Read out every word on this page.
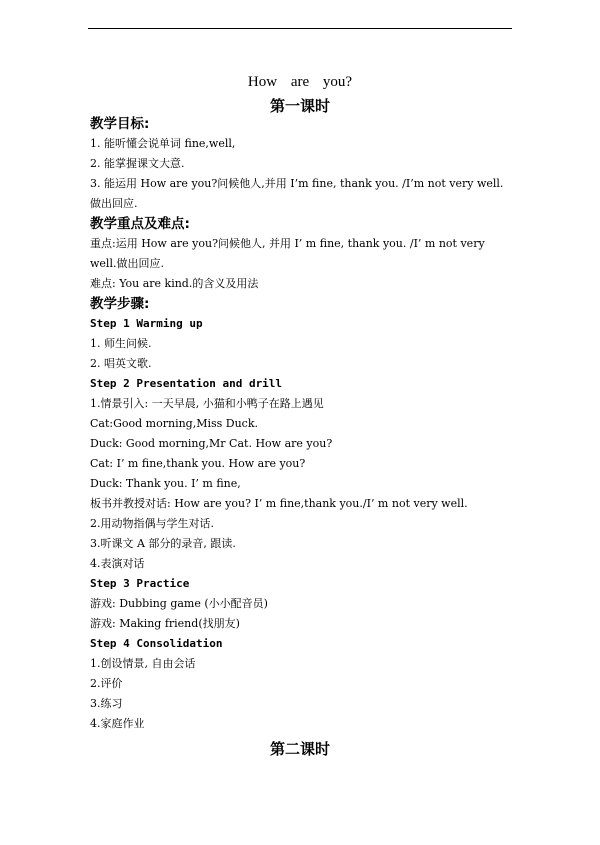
How are you?
第一课时
教学目标:
1. 能听懂会说单词 fine,well,
2. 能掌握课文大意.
3. 能运用 How are you?问候他人,并用 I’m fine, thank you. /I’m not very well.
做出回应.
教学重点及难点:
重点:运用 How are you?问候他人, 并用 I’ m fine, thank you. /I’ m not very
well.做出回应.
难点: You are kind.的含义及用法
教学步骤:
Step 1 Warming up
1. 师生问候.
2. 唱英文歌.
Step 2 Presentation and drill
1.情景引入: 一天早晨, 小猫和小鸭子在路上遇见
Cat:Good morning,Miss Duck.
Duck: Good morning,Mr Cat. How are you?
Cat: I’ m fine,thank you. How are you?
Duck: Thank you. I’ m fine,
板书并教授对话: How are you? I’ m fine,thank you./I’ m not very well.
2.用动物指偶与学生对话.
3.听课文 A 部分的录音, 跟读.
4.表演对话
Step 3 Practice
游戏: Dubbing game (小小配音员)
游戏: Making friend(找朋友)
Step 4 Consolidation
1.创设情景, 自由会话
2.评价
3.练习
4.家庭作业
第二课时
